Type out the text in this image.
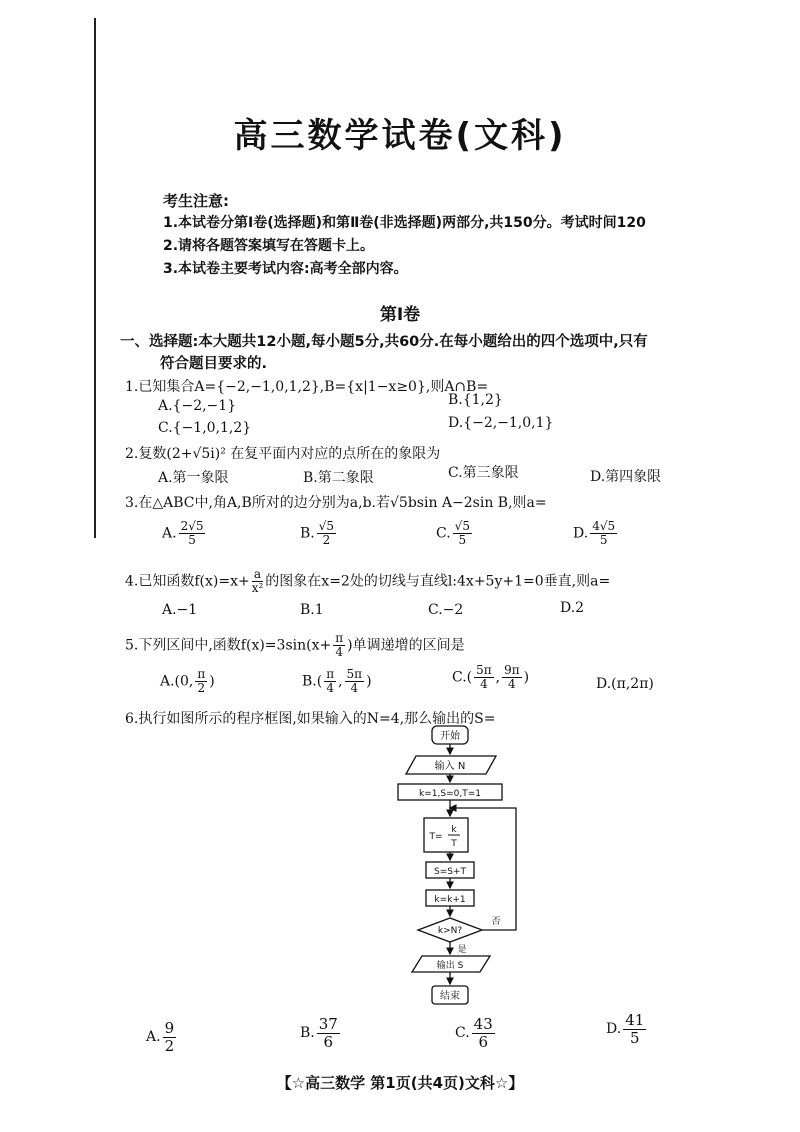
高三数学试卷(文科)
考生注意:
1.本试卷分第Ⅰ卷(选择题)和第Ⅱ卷(非选择题)两部分,共150分。考试时间120
2.请将各题答案填写在答题卡上。
3.本试卷主要考试内容:高考全部内容。
第Ⅰ卷
一、选择题:本大题共12小题,每小题5分,共60分.在每小题给出的四个选项中,只有
符合题目要求的.
1.已知集合A={−2,−1,0,1,2},B={x|1−x≥0},则A∩B=
A.{−2,−1}	B.{1,2}
C.{−1,0,1,2}	D.{−2,−1,0,1}
2.复数(2+√5i)² 在复平面内对应的点所在的象限为
A.第一象限	B.第二象限	C.第三象限	D.第四象限
3.在△ABC中,角A,B所对的边分别为a,b.若√5bsin A−2sin B,则a=
A. $\frac{2√5}{5}$	B. $\frac{√5}{2}$	C. $\frac{√5}{5}$	D. $\frac{4√5}{5}$
4.已知函数$f(x)=x+ \frac{a}{\text{x²}}$ 的图象在x=2处的切线与直线l:4x+5y+1=0垂直,则a=
A.−1	B.1	C.−2	D.2
5.下列区间中,函数$f(x)=3\sin(x+ \frac{\pi}{4}$ )单调递增的区间是
A.(0, $\frac{\pi}{2}$ )	$B.( \frac{\pi}{4}$ , $\frac{5\pi}{4}$ )	$C.( \frac{5\pi}{4}$ , $\frac{9\pi}{4}$ )	D.(π,2π)
6.执行如图所示的程序框图,如果输入的N=4,那么输出的S=
开始
输入 N
k=1,S=0,T=1
T=
k
T
S=S+T
k=k+1
k>N?
否
是
输出 S
结束
A. $\frac{9}{2}$	B. $\frac{37}{6}$	C. $\frac{43}{6}$	D. $\frac{41}{5}$
【☆高三数学 第1页(共4页)文科☆】
